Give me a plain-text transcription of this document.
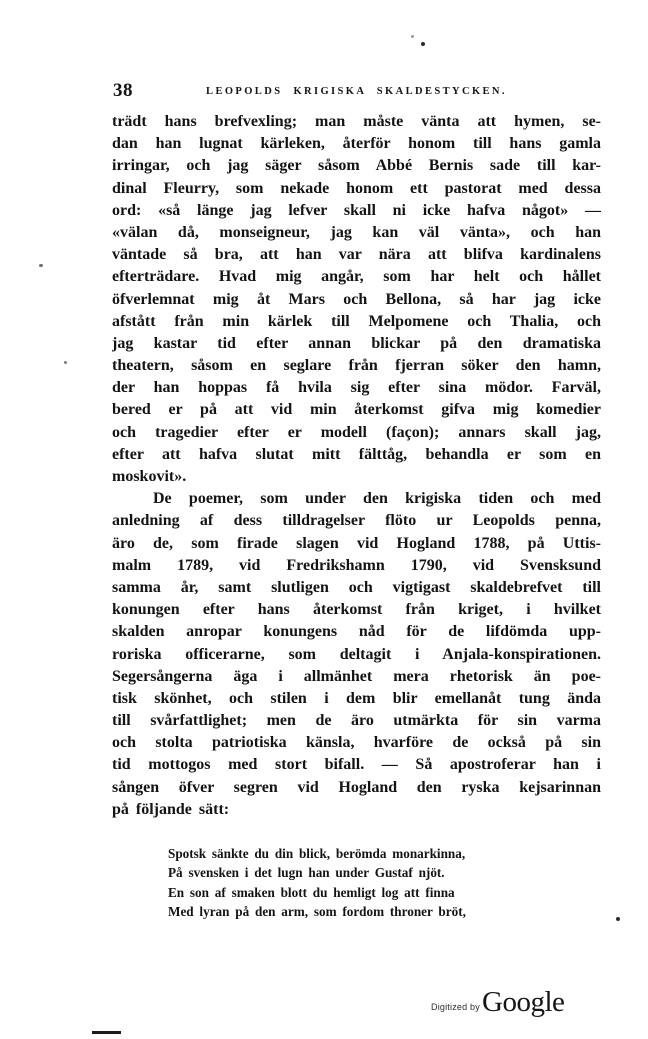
38	LEOPOLDS KRIGISKA SKALDESTYCKEN.
trädt hans brefvexling; man måste vänta att hymen, se-
dan han lugnat kärleken, återför honom till hans gamla
irringar, och jag säger såsom Abbé Bernis sade till kar-
dinal Fleurry, som nekade honom ett pastorat med dessa
ord: «så länge jag lefver skall ni icke hafva något» —
«välan då, monseigneur, jag kan väl vänta», och han
väntade så bra, att han var nära att blifva kardinalens
efterträdare. Hvad mig angår, som har helt och hållet
öfverlemnat mig åt Mars och Bellona, så har jag icke
afstått från min kärlek till Melpomene och Thalia, och
jag kastar tid efter annan blickar på den dramatiska
theatern, såsom en seglare från fjerran söker den hamn,
der han hoppas få hvila sig efter sina mödor. Farväl,
bered er på att vid min återkomst gifva mig komedier
och tragedier efter er modell (façon); annars skall jag,
efter att hafva slutat mitt fälttåg, behandla er som en
moskovit».
De poemer, som under den krigiska tiden och med
anledning af dess tilldragelser flöto ur Leopolds penna,
äro de, som firade slagen vid Hogland 1788, på Uttis-
malm 1789, vid Fredrikshamn 1790, vid Svensksund
samma år, samt slutligen och vigtigast skaldebrefvet till
konungen efter hans återkomst från kriget, i hvilket
skalden anropar konungens nåd för de lifdömda upp-
roriska officerarne, som deltagit i Anjala-konspirationen.
Segersångerna äga i allmänhet mera rhetorisk än poe-
tisk skönhet, och stilen i dem blir emellanåt tung ända
till svårfattlighet; men de äro utmärkta för sin varma
och stolta patriotiska känsla, hvarföre de också på sin
tid mottogos med stort bifall. — Så apostroferar han i
sången öfver segren vid Hogland den ryska kejsarinnan
på följande sätt:
Spotsk sänkte du din blick, berömda monarkinna,
På svensken i det lugn han under Gustaf njöt.
En son af smaken blott du hemligt log att finna
Med lyran på den arm, som fordom throner bröt,
Digitized by Google
